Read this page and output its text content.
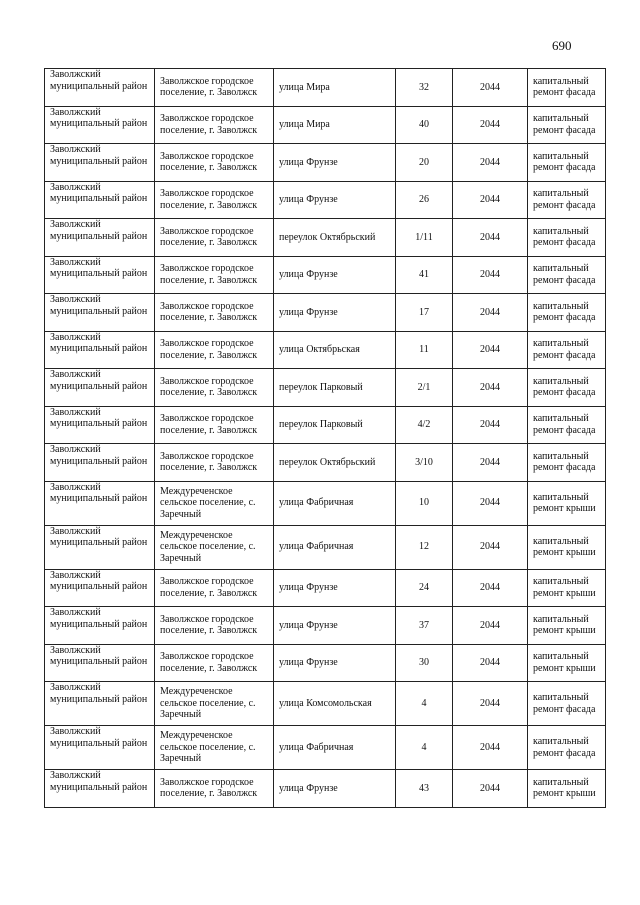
690
Заволжский муниципальный район	Заволжское городское поселение, г. Заволжск	улица Мира	32	2044	капитальный ремонт фасада
Заволжский муниципальный район	Заволжское городское поселение, г. Заволжск	улица Мира	40	2044	капитальный ремонт фасада
Заволжский муниципальный район	Заволжское городское поселение, г. Заволжск	улица Фрунзе	20	2044	капитальный ремонт фасада
Заволжский муниципальный район	Заволжское городское поселение, г. Заволжск	улица Фрунзе	26	2044	капитальный ремонт фасада
Заволжский муниципальный район	Заволжское городское поселение, г. Заволжск	переулок Октябрьский	1/11	2044	капитальный ремонт фасада
Заволжский муниципальный район	Заволжское городское поселение, г. Заволжск	улица Фрунзе	41	2044	капитальный ремонт фасада
Заволжский муниципальный район	Заволжское городское поселение, г. Заволжск	улица Фрунзе	17	2044	капитальный ремонт фасада
Заволжский муниципальный район	Заволжское городское поселение, г. Заволжск	улица Октябрьская	11	2044	капитальный ремонт фасада
Заволжский муниципальный район	Заволжское городское поселение, г. Заволжск	переулок Парковый	2/1	2044	капитальный ремонт фасада
Заволжский муниципальный район	Заволжское городское поселение, г. Заволжск	переулок Парковый	4/2	2044	капитальный ремонт фасада
Заволжский муниципальный район	Заволжское городское поселение, г. Заволжск	переулок Октябрьский	3/10	2044	капитальный ремонт фасада
Заволжский муниципальный район	Междуреченское сельское поселение, с. Заречный	улица Фабричная	10	2044	капитальный ремонт крыши
Заволжский муниципальный район	Междуреченское сельское поселение, с. Заречный	улица Фабричная	12	2044	капитальный ремонт крыши
Заволжский муниципальный район	Заволжское городское поселение, г. Заволжск	улица Фрунзе	24	2044	капитальный ремонт крыши
Заволжский муниципальный район	Заволжское городское поселение, г. Заволжск	улица Фрунзе	37	2044	капитальный ремонт крыши
Заволжский муниципальный район	Заволжское городское поселение, г. Заволжск	улица Фрунзе	30	2044	капитальный ремонт крыши
Заволжский муниципальный район	Междуреченское сельское поселение, с. Заречный	улица Комсомольская	4	2044	капитальный ремонт фасада
Заволжский муниципальный район	Междуреченское сельское поселение, с. Заречный	улица Фабричная	4	2044	капитальный ремонт фасада
Заволжский муниципальный район	Заволжское городское поселение, г. Заволжск	улица Фрунзе	43	2044	капитальный ремонт крыши
